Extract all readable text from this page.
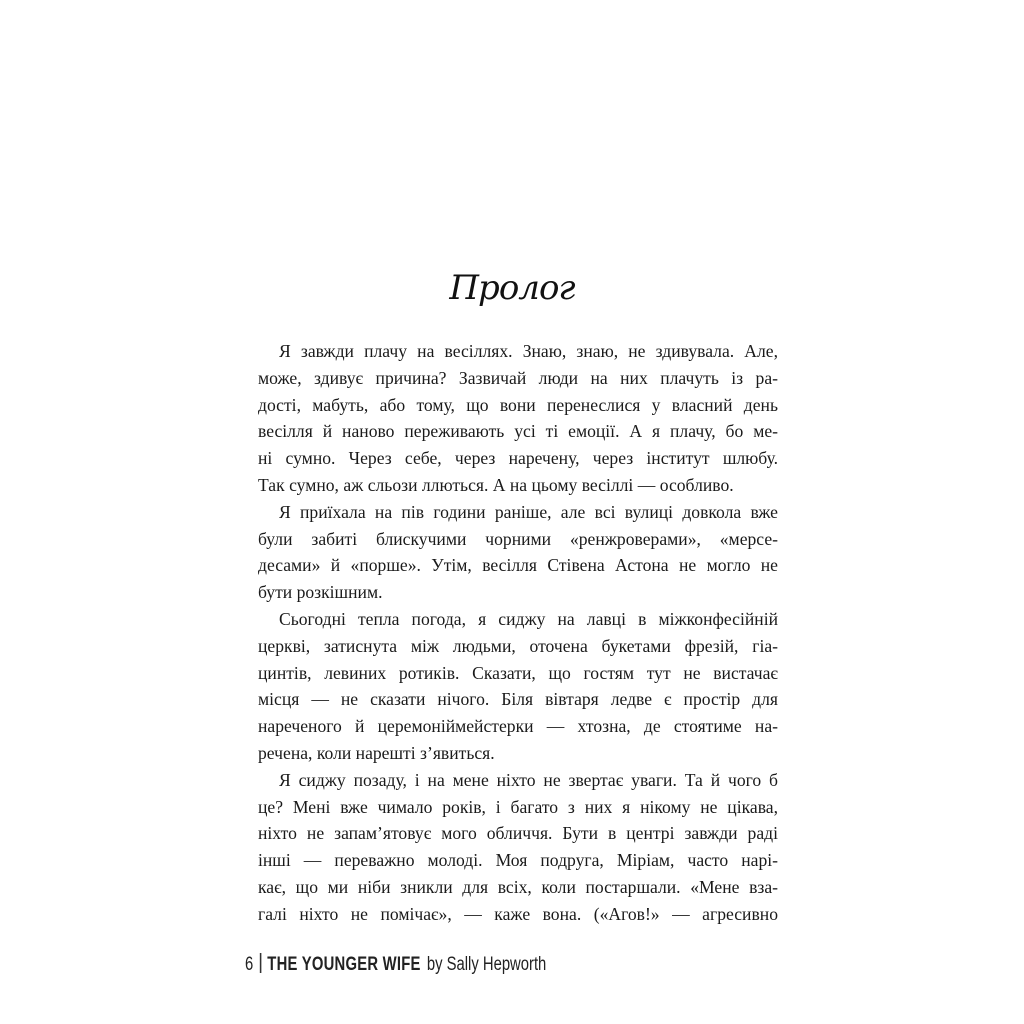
Пролог
Я завжди плачу на весіллях. Знаю, знаю, не здивувала. Але,
може, здивує причина? Зазвичай люди на них плачуть із ра-
дості, мабуть, або тому, що вони перенеслися у власний день
весілля й наново переживають усі ті емоції. А я плачу, бо ме-
ні сумно. Через себе, через наречену, через інститут шлюбу.
Так сумно, аж сльози ллються. А на цьому весіллі — особливо.
Я приїхала на пів години раніше, але всі вулиці довкола вже
були забиті блискучими чорними «ренжроверами», «мерсе-
десами» й «порше». Утім, весілля Стівена Астона не могло не
бути розкішним.
Сьогодні тепла погода, я сиджу на лавці в міжконфесійній
церкві, затиснута між людьми, оточена букетами фрезій, гіа-
цинтів, левиних ротиків. Сказати, що гостям тут не вистачає
місця — не сказати нічого. Біля вівтаря ледве є простір для
нареченого й церемоніймейстерки — хтозна, де стоятиме на-
речена, коли нарешті з’явиться.
Я сиджу позаду, і на мене ніхто не звертає уваги. Та й чого б
це? Мені вже чимало років, і багато з них я нікому не цікава,
ніхто не запам’ятовує мого обличчя. Бути в центрі завжди раді
інші — переважно молоді. Моя подруга, Міріам, часто нарі-
кає, що ми ніби зникли для всіх, коли постаршали. «Мене вза-
галі ніхто не помічає», — каже вона. («Агов!» — агресивно
6 THE YOUNGER WIFE by Sally Hepworth
